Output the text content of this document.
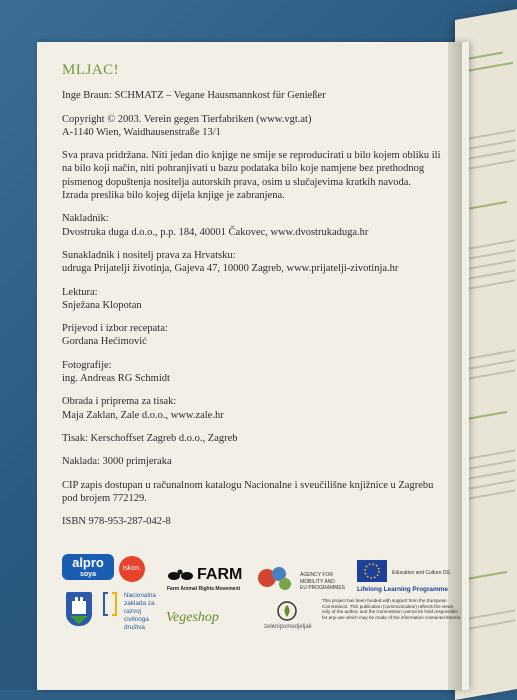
MLJAC!
Inge Braun: SCHMATZ – Vegane Hausmannkost für Genießer
Copyright © 2003. Verein gegen Tierfabriken (www.vgt.at)
A-1140 Wien, Waidhausenstraße 13/1
Sva prava pridržana. Niti jedan dio knjige ne smije se reproducirati u bilo kojem obliku ili
na bilo koji način, niti pohranjivati u bazu podataka bilo koje namjene bez prethodnog
pismenog dopuštenja nositelja autorskih prava, osim u slučajevima kratkih navoda.
Izrada preslika bilo kojeg dijela knjige je zabranjena.
Nakladnik:
Dvostruka duga d.o.o., p.p. 184, 40001 Čakovec, www.dvostrukaduga.hr
Sunakladnik i nositelj prava za Hrvatsku:
udruga Prijatelji životinja, Gajeva 47, 10000 Zagreb, www.prijatelji-zivotinja.hr
Lektura:
Snježana Klopotan
Prijevod i izbor recepata:
Gordana Hećimović
Fotografije:
ing. Andreas RG Schmidt
Obrada i priprema za tisak:
Maja Zaklan, Zale d.o.o., www.zale.hr
Tisak: Kerschoffset Zagreb d.o.o., Zagreb
Naklada: 3000 primjeraka
CIP zapis dostupan u računalnom katalogu Nacionalne i sveučilišne knjižnice u Zagrebu
pod brojem 772129.
ISBN 978-953-287-042-8
alpro
soya
iskon.
Nacionalna
zaklada za
razvoj
civilnoga
društva
FARM
Farm Animal Rights Movement
Vegeshop
AGENCY FOR
MOBILITY AND
EU PROGRAMMES
zelenipomedjeljak
Education and Culture DG
Lifelong Learning Programme
This project has been funded with support from the European Commission. This publication (communication) reflects the views only of the author, and the Commission cannot be held responsible for any use which may be made of the information contained therein.
